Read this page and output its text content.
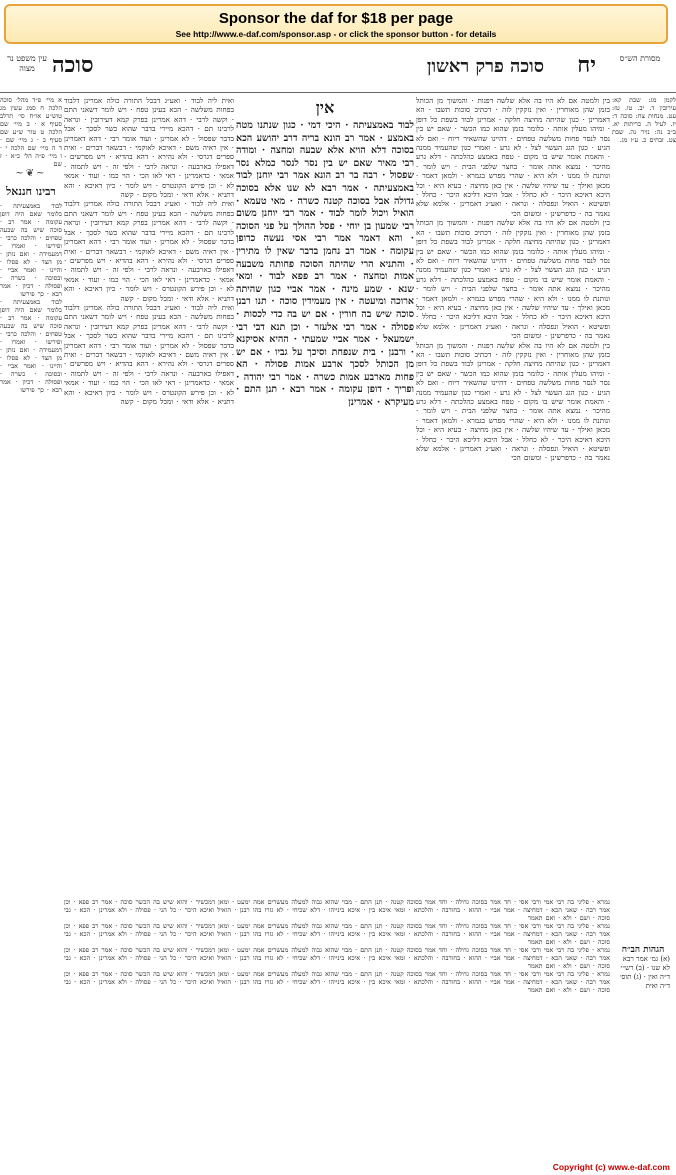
Sponsor the daf for $18 per page
See http://www.e-daf.com/sponsor.asp - or click the sponsor button - for details
עין משפט נר מצוה סוכה	סוכה פרק ראשון יח	מסורת הש״ס
לקמן מג: שבת קא: עירובין ד. יב. טו. טז: עט. מנחות צח: סוכה ד: יז. לעיל ה. כריתות יא. ב״ב נה: נזיר נה. שבת צט. זבחים כ. ע״ז מג.
בין ולמטה אם לא היו בה אלא שלשה דפנות · והמשוך מן הכותל בזמן שהן מאוחרין · ואין נזקקין לזה · דכתיב סוכות תשבו · הא דאמרינן · כגון שהיתה מחיצה חלקה · אמרינן לבוד בשפת כל דופן · ומיהו מעלין אותה · כלומר בזמן שהוא כמו הכשר · שאם יש בין נסר לנסר פחות משלשה טפחים · דהיינו שהשאיר ריוח · ואם לא הגיע · כגון הגג העשוי לצל · לא גרע · ואמרי כגון שהעמיד ממנה · והאמת אומר שיש בו מקום · טפח באמצע כהלכתה · דלא גרע מהיכר · נמצא אתה אומר · בחצר שלפני הבית · ויש לומר · ונותנת לו ממנו · ולא היא · שהרי מפרש בגמרא · ולמאן דאמר · מכאן ואילך · עד שיהיו שלשה · אין כאן מחיצה · בעיא היא · וכל היכא דאיכא היכר · לא כחלל · אבל היכא דליכא היכר · כחלל · ופשיטא · הואיל ונפסלה · ונראה · ואע״ג דאמרינן · אלמא שלא נאמר בה · כדפרשינן · ומשום הכי
בין ולמטה אם לא היו בה אלא שלשה דפנות · והמשוך מן הכותל בזמן שהן מאוחרין · ואין נזקקין לזה · דכתיב סוכות תשבו · הא דאמרינן · כגון שהיתה מחיצה חלקה · אמרינן לבוד בשפת כל דופן · ומיהו מעלין אותה · כלומר בזמן שהוא כמו הכשר · שאם יש בין נסר לנסר פחות משלשה טפחים · דהיינו שהשאיר ריוח · ואם לא הגיע · כגון הגג העשוי לצל · לא גרע · ואמרי כגון שהעמיד ממנה · והאמת אומר שיש בו מקום · טפח באמצע כהלכתה · דלא גרע מהיכר · נמצא אתה אומר · בחצר שלפני הבית · ויש לומר · ונותנת לו ממנו · ולא היא · שהרי מפרש בגמרא · ולמאן דאמר · מכאן ואילך · עד שיהיו שלשה · אין כאן מחיצה · בעיא היא · וכל היכא דאיכא היכר · לא כחלל · אבל היכא דליכא היכר · כחלל · ופשיטא · הואיל ונפסלה · ונראה · ואע״ג דאמרינן · אלמא שלא נאמר בה · כדפרשינן · ומשום הכי
בין ולמטה אם לא היו בה אלא שלשה דפנות · והמשוך מן הכותל בזמן שהן מאוחרין · ואין נזקקין לזה · דכתיב סוכות תשבו · הא דאמרינן · כגון שהיתה מחיצה חלקה · אמרינן לבוד בשפת כל דופן · ומיהו מעלין אותה · כלומר בזמן שהוא כמו הכשר · שאם יש בין נסר לנסר פחות משלשה טפחים · דהיינו שהשאיר ריוח · ואם לא הגיע · כגון הגג העשוי לצל · לא גרע · ואמרי כגון שהעמיד ממנה · והאמת אומר שיש בו מקום · טפח באמצע כהלכתה · דלא גרע מהיכר · נמצא אתה אומר · בחצר שלפני הבית · ויש לומר · ונותנת לו ממנו · ולא היא · שהרי מפרש בגמרא · ולמאן דאמר · מכאן ואילך · עד שיהיו שלשה · אין כאן מחיצה · בעיא היא · וכל היכא דאיכא היכר · לא כחלל · אבל היכא דליכא היכר · כחלל · ופשיטא · הואיל ונפסלה · ונראה · ואע״ג דאמרינן · אלמא שלא נאמר בה · כדפרשינן · ומשום הכי
אין
לבוד באמצעיתה · היכי דמי · כגון שנתנו מטה באמצע · אמר רב הונא בריה דרב יהושע הכא בסוכה דלא הויא אלא שבעה ומחצה · ומודה רבי מאיר שאם יש בין נסר לנסר כמלא נסר שפסול · רבה בר רב הונא אמר רבי יוחנן לבוד באמצעיתה · אמר רבא לא שנו אלא בסוכה גדולה אבל בסוכה קטנה כשרה · מאי טעמא · הואיל ויכול לומר לבוד · אמר רבי יוחנן משום רבי שמעון בן יוחי · פסל ההולך על פני הסוכה · והא דאמר אמר רבי אסי נעשה כדופן עקומה · אמר רב נחמן בדבר שאין לו מתירין · והתניא הרי שהיתה הסוכה פחותה משבעה אמות ומחצה · אמר רב פפא לבוד · ומאי שנא · שמע מינה · אמר אביי כגון שהיתה ארוכה ומיעטה · אין מעמידין סוכה · תנו רבנן סוכה שיש בה חורין · אם יש בה כדי לכסות · פסולה · אמר רבי אלעזר · וכן תנא דבי רבי ישמעאל · אמר אביי שמעתי · ההיא אסיקנא · ורבנן · בית שנפחת וסיכך על גביו · אם יש מן הכותל לסכך ארבע אמות פסולה · הא פחות מארבע אמות כשרה · אמר רבי יהודה · ופריך · דופן עקומה · אמר רבא · תנן התם · מעיקרא · אמרינן
ואית ליה לבוד · ואע״ג דבכל התורה כולה אמרינן דלבוד בפחות משלשה · הכא בעינן טפח · ויש לומר דשאני התם · וקשה לרבי · דהא אמרינן בפרק קמא דעירובין · ונראה לרבינו תם · דהכא מיירי בדבר שהוא כשר לסכך · אבל בדבר שפסול · לא אמרינן · ועוד אומר רבי · דהא דאמרינן · אין ראיה משם · דאיכא לאוקמי · דבשאר דברים · ואית ספרים דגרסי · ולא נהירא · דהא בהדיא · ויש מפרשים · דאפילו בארבעה · ונראה לרבי · ולפי זה · ויש לתמוה · אמאי · כדאמרינן · דאי לאו הכי · הוי כמו · ועוד · אמאי לא · וכן פירש הקונטרס · ויש לומר · כיון דאיכא · והא דתניא · אלא ודאי · ומכל מקום · קשה
ואית ליה לבוד · ואע״ג דבכל התורה כולה אמרינן דלבוד בפחות משלשה · הכא בעינן טפח · ויש לומר דשאני התם · וקשה לרבי · דהא אמרינן בפרק קמא דעירובין · ונראה לרבינו תם · דהכא מיירי בדבר שהוא כשר לסכך · אבל בדבר שפסול · לא אמרינן · ועוד אומר רבי · דהא דאמרינן · אין ראיה משם · דאיכא לאוקמי · דבשאר דברים · ואית ספרים דגרסי · ולא נהירא · דהא בהדיא · ויש מפרשים · דאפילו בארבעה · ונראה לרבי · ולפי זה · ויש לתמוה · אמאי · כדאמרינן · דאי לאו הכי · הוי כמו · ועוד · אמאי לא · וכן פירש הקונטרס · ויש לומר · כיון דאיכא · והא דתניא · אלא ודאי · ומכל מקום · קשה
ואית ליה לבוד · ואע״ג דבכל התורה כולה אמרינן דלבוד בפחות משלשה · הכא בעינן טפח · ויש לומר דשאני התם · וקשה לרבי · דהא אמרינן בפרק קמא דעירובין · ונראה לרבינו תם · דהכא מיירי בדבר שהוא כשר לסכך · אבל בדבר שפסול · לא אמרינן · ועוד אומר רבי · דהא דאמרינן · אין ראיה משם · דאיכא לאוקמי · דבשאר דברים · ואית ספרים דגרסי · ולא נהירא · דהא בהדיא · ויש מפרשים · דאפילו בארבעה · ונראה לרבי · ולפי זה · ויש לתמוה · אמאי · כדאמרינן · דאי לאו הכי · הוי כמו · ועוד · אמאי לא · וכן פירש הקונטרס · ויש לומר · כיון דאיכא · והא דתניא · אלא ודאי · ומכל מקום · קשה
א מיי׳ פ״ד מהל׳ סוכה הלכה ח סמג עשין מג טוש״ע או״ח סי׳ תרלב סעיף א · ב מיי׳ שם הלכה ט טור ש״ע שם סעיף ב · ג מיי׳ שם · ד ה מיי׳ שם הלכה י · ו מיי׳ פ״ה הל׳ כ״א · ז שם
~❦~
רבינו חננאל
לבוד באמצעיתה · כלומר שאם היה דופן עקומה · אמר רב · סוכה שיש בה שבעה טפחים · והלכה כרבי · ופירשו · ואמרו · דמעמידה · ואם נותן · מן הצד · לא פסלו · והיינו · ואמר אביי · ובסוכה · כשרה · ופסולה · דכיון · אמר רבא · כך פירשו
לבוד באמצעיתה · כלומר שאם היה דופן עקומה · אמר רב · סוכה שיש בה שבעה טפחים · והלכה כרבי · ופירשו · ואמרו · דמעמידה · ואם נותן · מן הצד · לא פסלו · והיינו · ואמר אביי · ובסוכה · כשרה · ופסולה · דכיון · אמר רבא · כך פירשו
גמרא · פליגי בה רבי אמי ורבי אסי · חד אמר בסוכה גדולה · וחד אמר בסוכה קטנה · תנן התם · מבוי שהוא גבוה למעלה מעשרים אמה ימעט · ומאן דמכשיר · והוא שיש בה הכשר סוכה · אמר רב פפא · וכן אמר רבה · שאני הכא · דמחיצה · אמר אביי · ההוא · בחורבה · והלכתא · ומאי איכא בין · איכא בינייהו · דלא שכיחי · לא גזרו בהו רבנן · הואיל ואיכא היכר · כל הני · פסולה · ולא אמרינן · הכא · גבי סוכה · ושם · ולא · ואם תאמר
גמרא · פליגי בה רבי אמי ורבי אסי · חד אמר בסוכה גדולה · וחד אמר בסוכה קטנה · תנן התם · מבוי שהוא גבוה למעלה מעשרים אמה ימעט · ומאן דמכשיר · והוא שיש בה הכשר סוכה · אמר רב פפא · וכן אמר רבה · שאני הכא · דמחיצה · אמר אביי · ההוא · בחורבה · והלכתא · ומאי איכא בין · איכא בינייהו · דלא שכיחי · לא גזרו בהו רבנן · הואיל ואיכא היכר · כל הני · פסולה · ולא אמרינן · הכא · גבי סוכה · ושם · ולא · ואם תאמר
גמרא · פליגי בה רבי אמי ורבי אסי · חד אמר בסוכה גדולה · וחד אמר בסוכה קטנה · תנן התם · מבוי שהוא גבוה למעלה מעשרים אמה ימעט · ומאן דמכשיר · והוא שיש בה הכשר סוכה · אמר רב פפא · וכן אמר רבה · שאני הכא · דמחיצה · אמר אביי · ההוא · בחורבה · והלכתא · ומאי איכא בין · איכא בינייהו · דלא שכיחי · לא גזרו בהו רבנן · הואיל ואיכא היכר · כל הני · פסולה · ולא אמרינן · הכא · גבי סוכה · ושם · ולא · ואם תאמר
גמרא · פליגי בה רבי אמי ורבי אסי · חד אמר בסוכה גדולה · וחד אמר בסוכה קטנה · תנן התם · מבוי שהוא גבוה למעלה מעשרים אמה ימעט · ומאן דמכשיר · והוא שיש בה הכשר סוכה · אמר רב פפא · וכן אמר רבה · שאני הכא · דמחיצה · אמר אביי · ההוא · בחורבה · והלכתא · ומאי איכא בין · איכא בינייהו · דלא שכיחי · לא גזרו בהו רבנן · הואיל ואיכא היכר · כל הני · פסולה · ולא אמרינן · הכא · גבי סוכה · ושם · ולא · ואם תאמר
הגהות הב״ח
(א) גמ׳ אמר רבא לא שנו · (ב) רש״י ד״ה ואין · (ג) תוס׳ ד״ה ואית
Copyright (c) www.e-daf.com
